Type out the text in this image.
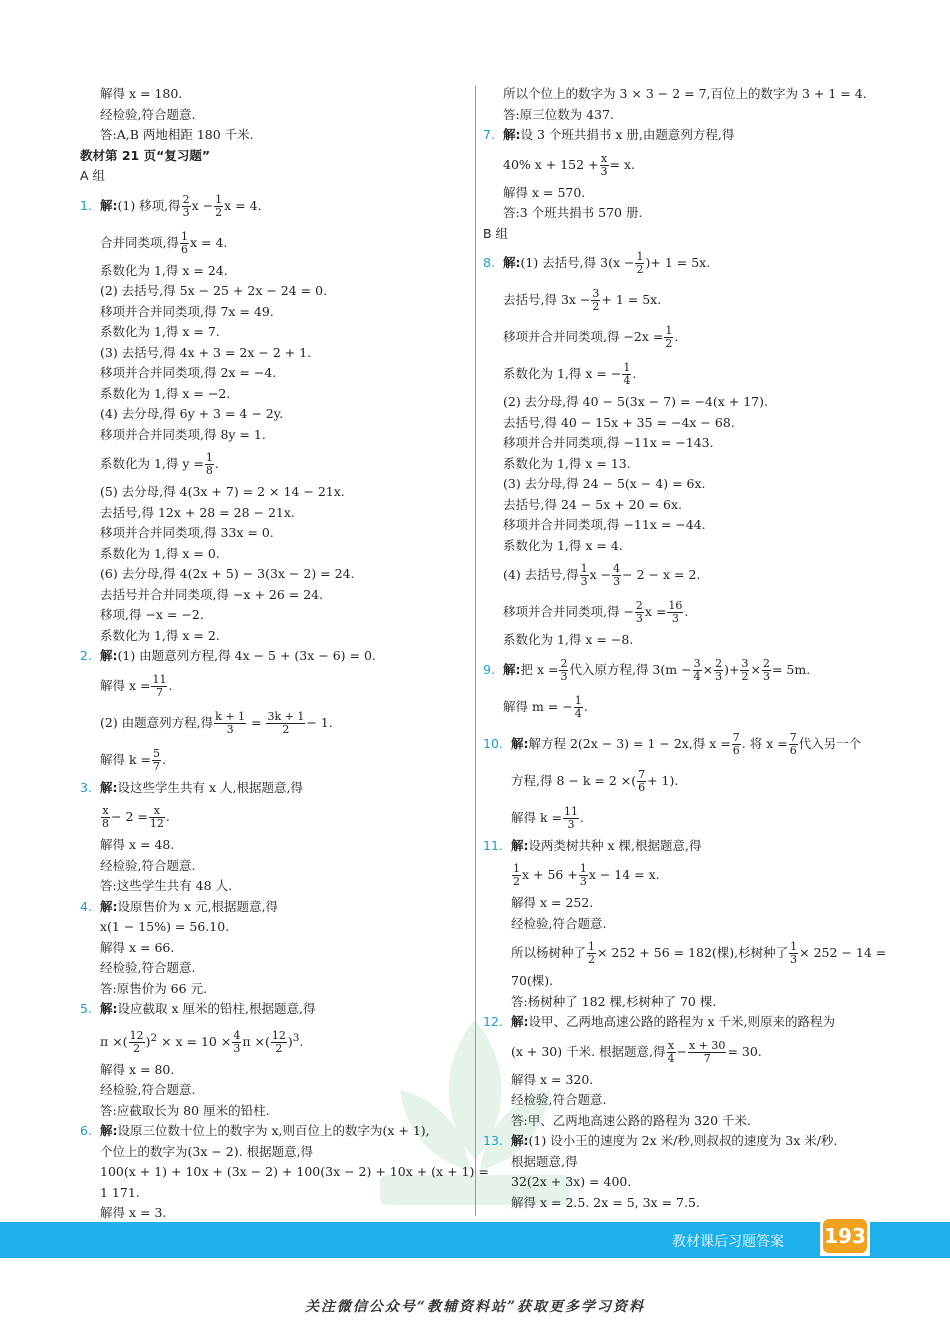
解得 x = 180.
经检验,符合题意.
答:A,B 两地相距 180 千米.
教材第 21 页“复习题”
A 组
1. 解:(1) 移项,得 $\frac{2}{3}$ $x - \frac{1}{2}$ x = 4.
合并同类项,得 $\frac{1}{6}$ x = 4.
系数化为 1,得 x = 24.
(2) 去括号,得 5x − 25 + 2x − 24 = 0.
移项并合并同类项,得 7x = 49.
系数化为 1,得 x = 7.
(3) 去括号,得 4x + 3 = 2x − 2 + 1.
移项并合并同类项,得 2x = −4.
系数化为 1,得 x = −2.
(4) 去分母,得 6y + 3 = 4 − 2y.
移项并合并同类项,得 8y = 1.
系数化为 1,得 $y = \frac{1}{8}$ .
(5) 去分母,得 4(3x + 7) = 2 × 14 − 21x.
去括号,得 12x + 28 = 28 − 21x.
移项并合并同类项,得 33x = 0.
系数化为 1,得 x = 0.
(6) 去分母,得 4(2x + 5) − 3(3x − 2) = 24.
去括号并合并同类项,得 −x + 26 = 24.
移项,得 −x = −2.
系数化为 1,得 x = 2.
2. 解:(1) 由题意列方程,得 4x − 5 + (3x − 6) = 0.
解得 $x = \frac{11}{7}$ .
(2) 由题意列方程,得 $\frac{k + 1}{3} = \frac{3k + 1}{2} - 1$.
解得 $k = \frac{5}{7}$ .
3. 解:设这些学生共有 x 人,根据题意,得
$\frac{x}{8} - 2 = \frac{x}{12}$ .
解得 x = 48.
经检验,符合题意.
答:这些学生共有 48 人.
4. 解:设原售价为 x 元,根据题意,得
x(1 − 15%) = 56.10.
解得 x = 66.
经检验,符合题意.
答:原售价为 66 元.
5. 解:设应截取 x 厘米的铅柱,根据题意,得
π ×( $\frac{12}{2} )^2 \times x = 10 \times \frac{4}{3}$ π ×( $\frac{12}{2} )^3$.
解得 x = 80.
经检验,符合题意.
答:应截取长为 80 厘米的铅柱.
6. 解:设原三位数十位上的数字为 x,则百位上的数字为(x + 1),
个位上的数字为(3x − 2). 根据题意,得
100(x + 1) + 10x + (3x − 2) + 100(3x − 2) + 10x + (x + 1) =
1 171.
解得 x = 3.
所以个位上的数字为 3 × 3 − 2 = 7,百位上的数字为 3 + 1 = 4.
答:原三位数为 437.
7. 解:设 3 个班共捐书 x 册,由题意列方程,得
40% $x + 152 + \frac{x}{3} = x$.
解得 x = 570.
答:3 个班共捐书 570 册.
B 组
8. 解:(1) 去括号,得 $3(x - \frac{1}{2}$ )+ 1 = 5x.
去括号,得 $3x - \frac{3}{2} + 1 = 5x$.
移项并合并同类项,得 $-2x = \frac{1}{2}$ .
系数化为 1,得 x = − $\frac{1}{4}$ .
(2) 去分母,得 40 − 5(3x − 7) = −4(x + 17).
去括号,得 40 − 15x + 35 = −4x − 68.
移项并合并同类项,得 −11x = −143.
系数化为 1,得 x = 13.
(3) 去分母,得 24 − 5(x − 4) = 6x.
去括号,得 24 − 5x + 20 = 6x.
移项并合并同类项,得 −11x = −44.
系数化为 1,得 x = 4.
(4) 去括号,得 $\frac{1}{3}$ $x - \frac{4}{3} - 2 - x = 2$.
移项并合并同类项,得 − $\frac{2}{3}$ $x = \frac{16}{3}$ .
系数化为 1,得 x = −8.
9. 解:把 $x = \frac{2}{3}$ 代入原方程,得 $3(m - \frac{3}{4} \times \frac{2}{3}$ )+ $\frac{3}{2} \times \frac{2}{3} = 5m$.
解得 m = − $\frac{1}{4}$ .
10. 解:解方程 2(2x − 3) = 1 − 2x,得 $x = \frac{7}{6}$ . 将 $x = \frac{7}{6}$ 代入另一个
方程,得 8 − k = 2 ×( $\frac{7}{6} + 1$).
解得 $k = \frac{11}{3}$ .
11. 解:设两类树共种 x 棵,根据题意,得
$\frac{1}{2}$ $x + 56 + \frac{1}{3}$ x − 14 = x.
解得 x = 252.
经检验,符合题意.
所以杨树种了 $\frac{1}{2} \times 252 + 56 = 182$(棵),杉树种了 $\frac{1}{3} \times 252 - 14$ =
70(棵).
答:杨树种了 182 棵,杉树种了 70 棵.
12. 解:设甲、乙两地高速公路的路程为 x 千米,则原来的路程为
(x + 30) 千米. 根据题意,得 $\frac{x}{4} - \frac{x + 30}{7} = 30$.
解得 x = 320.
经检验,符合题意.
答:甲、乙两地高速公路的路程为 320 千米.
13. 解:(1) 设小王的速度为 2x 米/秒,则叔叔的速度为 3x 米/秒.
根据题意,得
32(2x + 3x) = 400.
解得 x = 2.5. 2x = 5, 3x = 7.5.
教材课后习题答案 193
关注微信公众号“教辅资料站”获取更多学习资料
